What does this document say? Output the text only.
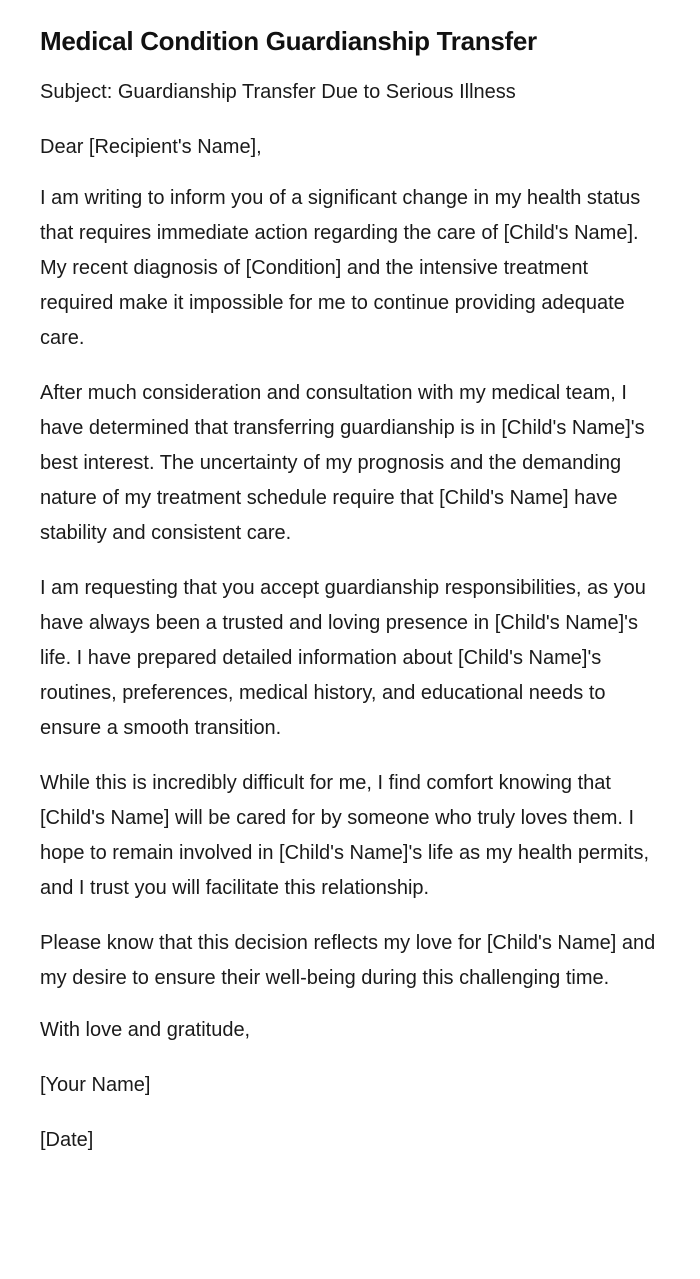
Medical Condition Guardianship Transfer

Subject: Guardianship Transfer Due to Serious Illness

Dear [Recipient's Name],

I am writing to inform you of a significant change in my health status that requires immediate action regarding the care of [Child's Name]. My recent diagnosis of [Condition] and the intensive treatment required make it impossible for me to continue providing adequate care.

After much consideration and consultation with my medical team, I have determined that transferring guardianship is in [Child's Name]'s best interest. The uncertainty of my prognosis and the demanding nature of my treatment schedule require that [Child's Name] have stability and consistent care.

I am requesting that you accept guardianship responsibilities, as you have always been a trusted and loving presence in [Child's Name]'s life. I have prepared detailed information about [Child's Name]'s routines, preferences, medical history, and educational needs to ensure a smooth transition.

While this is incredibly difficult for me, I find comfort knowing that [Child's Name] will be cared for by someone who truly loves them. I hope to remain involved in [Child's Name]'s life as my health permits, and I trust you will facilitate this relationship.

Please know that this decision reflects my love for [Child's Name] and my desire to ensure their well-being during this challenging time.

With love and gratitude,

[Your Name]

[Date]
